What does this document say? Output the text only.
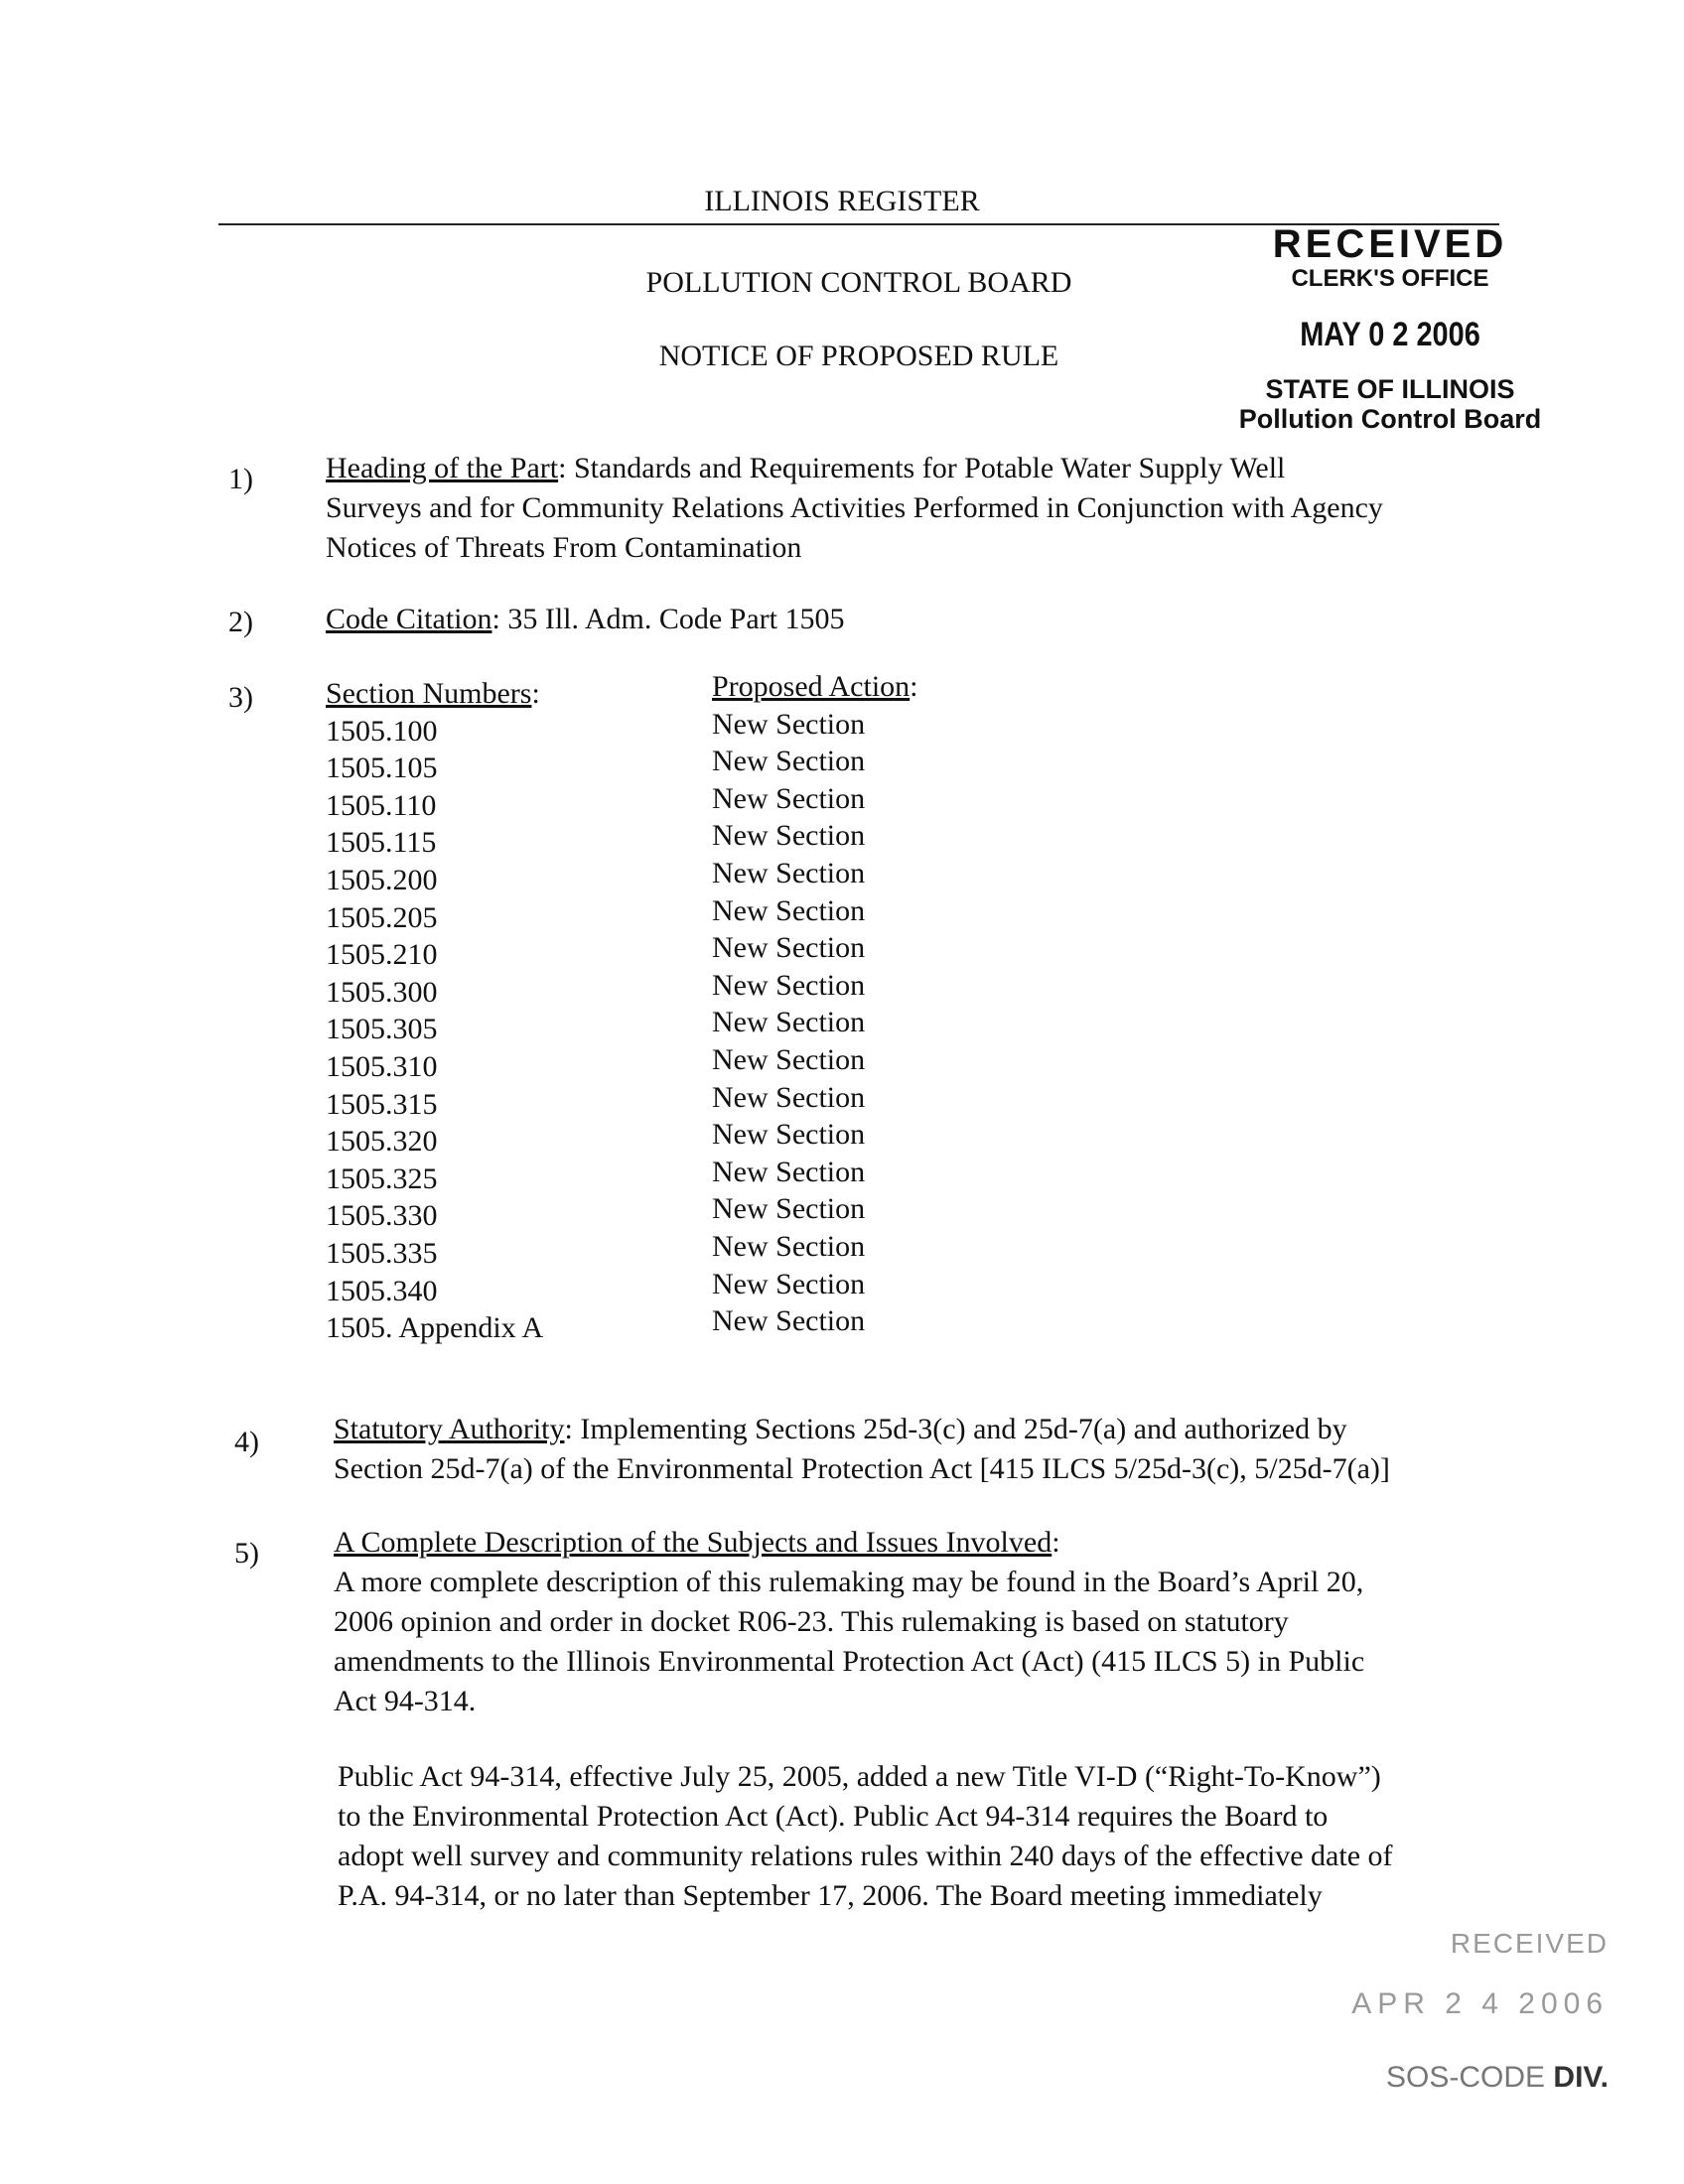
ILLINOIS REGISTER
POLLUTION CONTROL BOARD
NOTICE OF PROPOSED RULE
RECEIVED
CLERK'S OFFICE
MAY 0 2 2006
STATE OF ILLINOIS
Pollution Control Board
1) Heading of the Part: Standards and Requirements for Potable Water Supply Well
Surveys and for Community Relations Activities Performed in Conjunction with Agency
Notices of Threats From Contamination
2) Code Citation: 35 Ill. Adm. Code Part 1505
3) Section Numbers:
1505.100
1505.105
1505.110
1505.115
1505.200
1505.205
1505.210
1505.300
1505.305
1505.310
1505.315
1505.320
1505.325
1505.330
1505.335
1505.340
1505. Appendix A
Proposed Action:
New Section
New Section
New Section
New Section
New Section
New Section
New Section
New Section
New Section
New Section
New Section
New Section
New Section
New Section
New Section
New Section
New Section
4)	Statutory Authority: Implementing Sections 25d-3(c) and 25d-7(a) and authorized by
Section 25d-7(a) of the Environmental Protection Act [415 ILCS 5/25d-3(c), 5/25d-7(a)]
5)	A Complete Description of the Subjects and Issues Involved:
A more complete description of this rulemaking may be found in the Board’s April 20,
2006 opinion and order in docket R06-23. This rulemaking is based on statutory
amendments to the Illinois Environmental Protection Act (Act) (415 ILCS 5) in Public
Act 94-314.
Public Act 94-314, effective July 25, 2005, added a new Title VI-D (“Right-To-Know”)
to the Environmental Protection Act (Act). Public Act 94-314 requires the Board to
adopt well survey and community relations rules within 240 days of the effective date of
P.A. 94-314, or no later than September 17, 2006. The Board meeting immediately
RECEIVED
APR 2 4 2006
SOS-CODE DIV.
